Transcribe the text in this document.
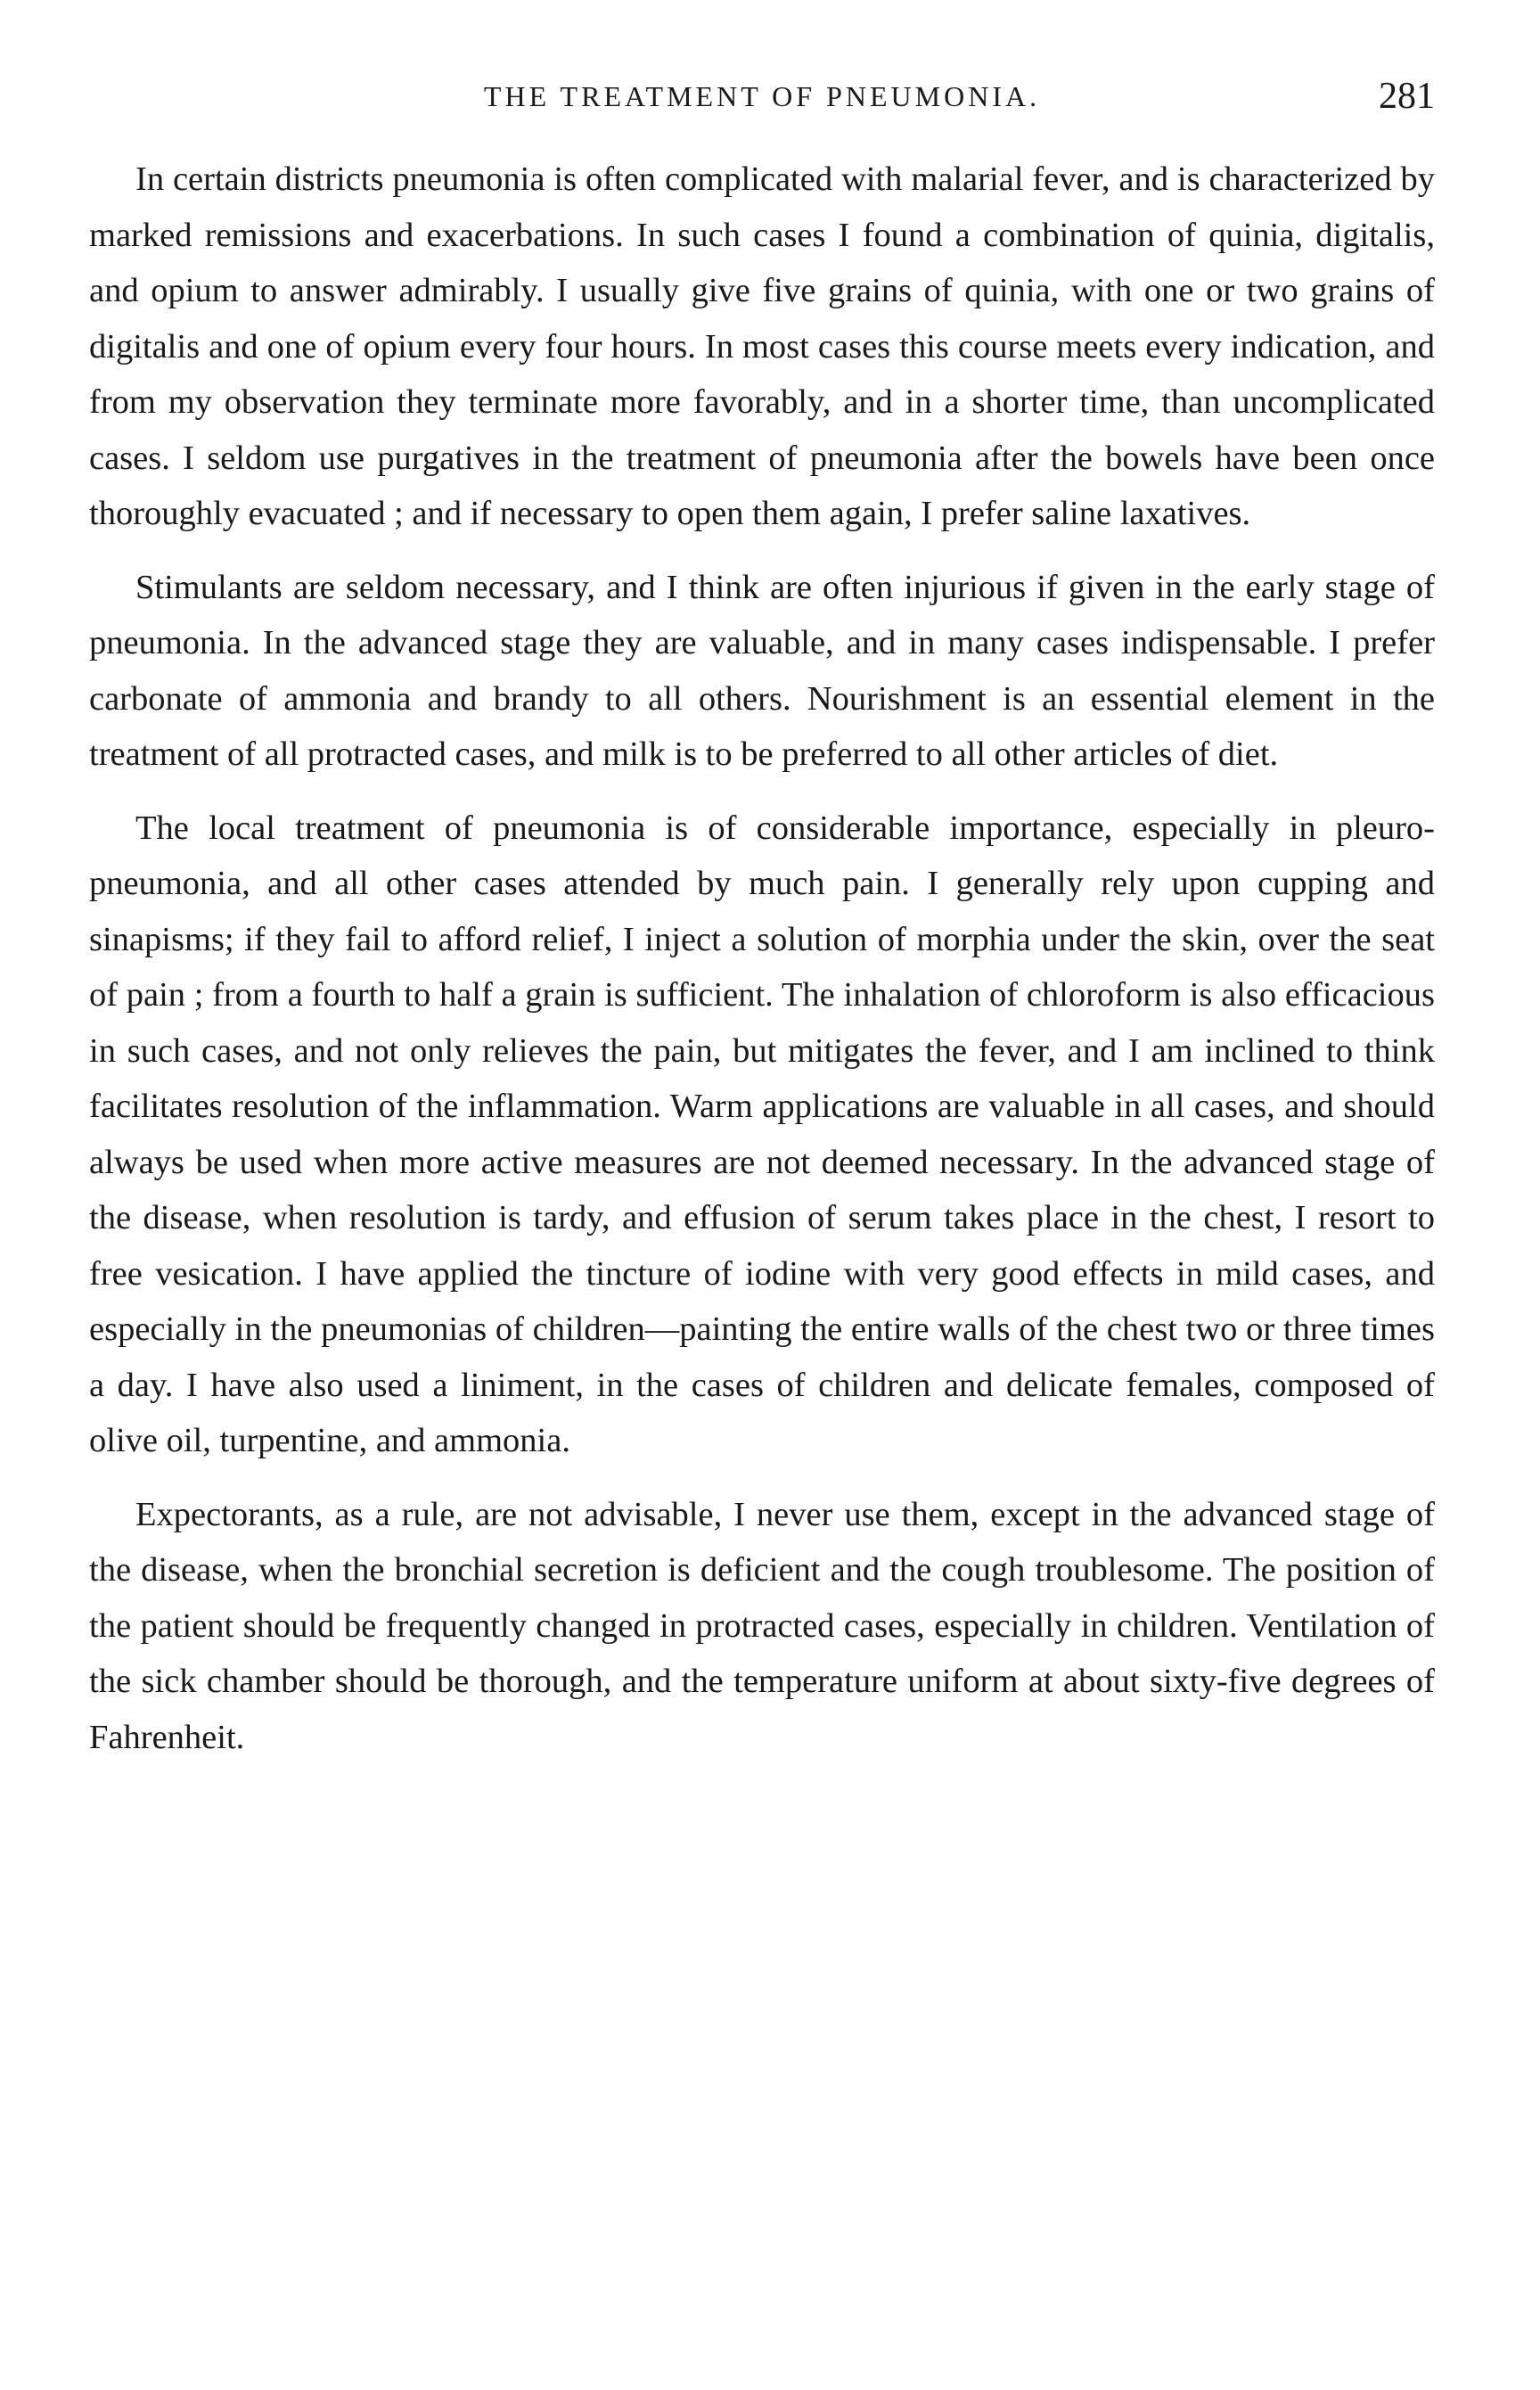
THE TREATMENT OF PNEUMONIA.	281

In certain districts pneumonia is often complicated with malarial fever, and is characterized by marked remissions and exacerbations. In such cases I found a combination of quinia, digitalis, and opium to answer admirably. I usually give five grains of quinia, with one or two grains of digitalis and one of opium every four hours. In most cases this course meets every indication, and from my observation they terminate more favorably, and in a shorter time, than uncomplicated cases. I seldom use purgatives in the treatment of pneumonia after the bowels have been once thoroughly evacuated ; and if necessary to open them again, I prefer saline laxatives.

Stimulants are seldom necessary, and I think are often injurious if given in the early stage of pneumonia. In the advanced stage they are valuable, and in many cases indispensable. I prefer carbonate of ammonia and brandy to all others. Nourishment is an essential element in the treatment of all protracted cases, and milk is to be preferred to all other articles of diet.

The local treatment of pneumonia is of considerable importance, especially in pleuro-pneumonia, and all other cases attended by much pain. I generally rely upon cupping and sinapisms; if they fail to afford relief, I inject a solution of morphia under the skin, over the seat of pain ; from a fourth to half a grain is sufficient. The inhalation of chloroform is also efficacious in such cases, and not only relieves the pain, but mitigates the fever, and I am inclined to think facilitates resolution of the inflammation. Warm applications are valuable in all cases, and should always be used when more active measures are not deemed necessary. In the advanced stage of the disease, when resolution is tardy, and effusion of serum takes place in the chest, I resort to free vesication. I have applied the tincture of iodine with very good effects in mild cases, and especially in the pneumonias of children—painting the entire walls of the chest two or three times a day. I have also used a liniment, in the cases of children and delicate females, composed of olive oil, turpentine, and ammonia.

Expectorants, as a rule, are not advisable, I never use them, except in the advanced stage of the disease, when the bronchial secretion is deficient and the cough troublesome. The position of the patient should be frequently changed in protracted cases, especially in children. Ventilation of the sick chamber should be thorough, and the temperature uniform at about sixty-five degrees of Fahrenheit.
